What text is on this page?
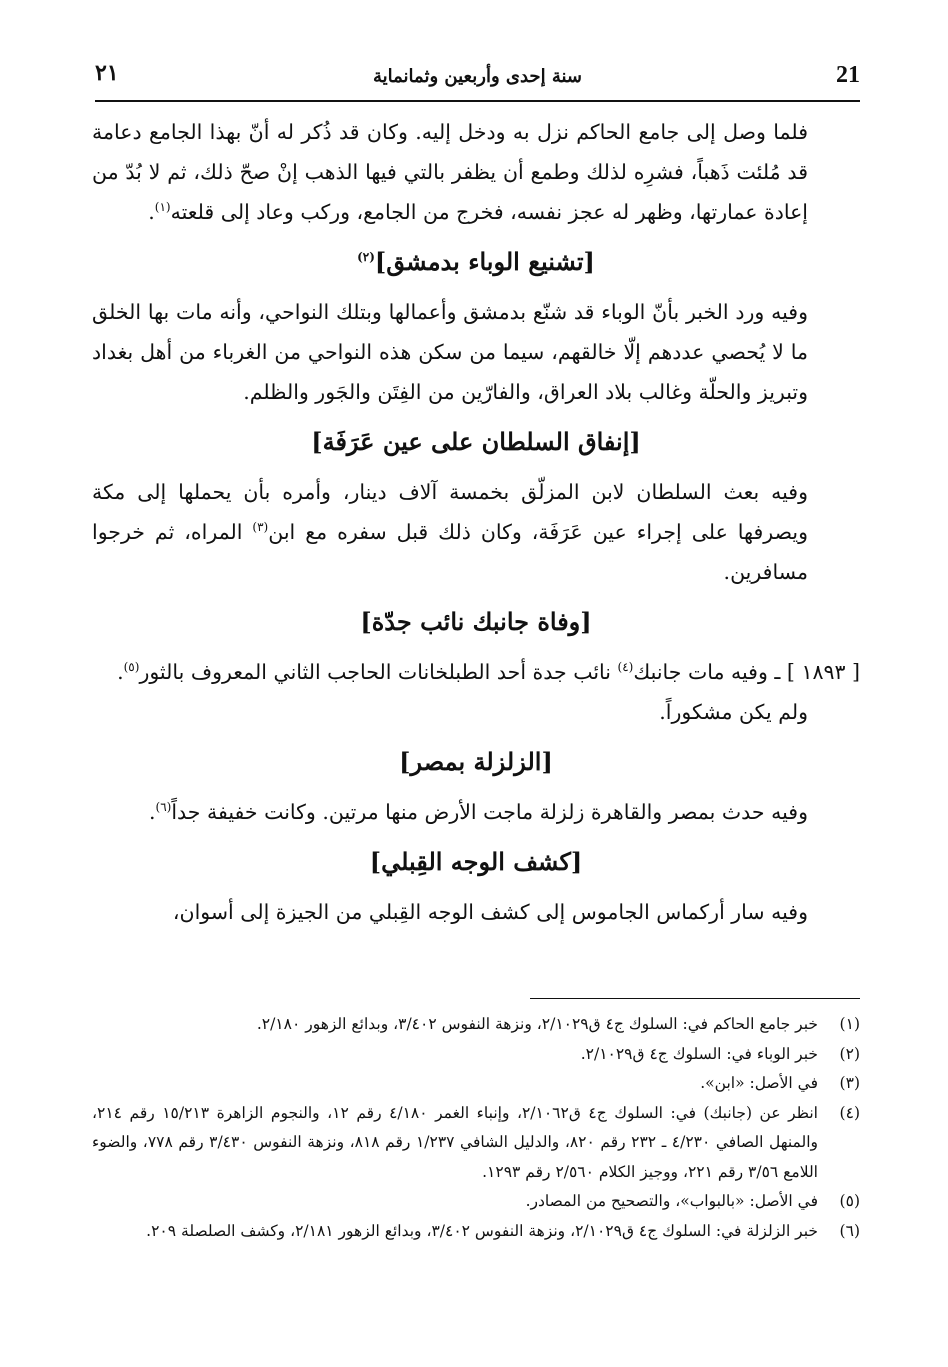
21
سنة إحدى وأربعين وثمانماية
٢١

فلما وصل إلى جامع الحاكم نزل به ودخل إليه. وكان قد ذُكر له أنّ بهذا الجامع دعامة قد مُلئت ذَهباً، فشرِه لذلك وطمع أن يظفر بالتي فيها الذهب إنْ صحّ ذلك، ثم لا بُدّ من إعادة عمارتها، وظهر له عجز نفسه، فخرج من الجامع، وركب وعاد إلى قلعته$^{(١)}$.

[تشنيع الوباء بدمشق]$^{(٢)}$

وفيه ورد الخبر بأنّ الوباء قد شنّع بدمشق وأعمالها وبتلك النواحي، وأنه مات بها الخلق ما لا يُحصي عددهم إلّا خالقهم، سيما من سكن هذه النواحي من الغرباء من أهل بغداد وتبريز والحلّة وغالب بلاد العراق، والفارّين من الفِتَن والجَور والظلم.

[إنفاق السلطان على عين عَرَفَة]

وفيه بعث السلطان لابن المزلّق بخمسة آلاف دينار، وأمره بأن يحملها إلى مكة ويصرفها على إجراء عين عَرَفَة، وكان ذلك قبل سفره مع ابن$^{(٣)}$ المراه، ثم خرجوا مسافرين.

[وفاة جانبك نائب جدّة]

[ ١٨٩٣ ] ـ وفيه مات جانبك$^{(٤)}$ نائب جدة أحد الطبلخانات الحاجب الثاني المعروف بالثور$^{(٥)}$.

ولم يكن مشكوراً.

[الزلزلة بمصر]

وفيه حدث بمصر والقاهرة زلزلة ماجت الأرض منها مرتين. وكانت خفيفة جداً$^{(٦)}$.

[كشف الوجه القِبلي]

وفيه سار أركماس الجاموس إلى كشف الوجه القِبلي من الجيزة إلى أسوان،

(١)
خبر جامع الحاكم في: السلوك ج٤ ق٢/١٠٢٩، ونزهة النفوس ٣/٤٠٢، وبدائع الزهور ٢/١٨٠.
(٢)
خبر الوباء في: السلوك ج٤ ق٢/١٠٢٩.
(٣)
في الأصل: «ابن».
(٤)
انظر عن (جانبك) في: السلوك ج٤ ق٢/١٠٦٢، وإنباء الغمر ٤/١٨٠ رقم ١٢، والنجوم الزاهرة ١٥/٢١٣ رقم ٢١٤، والمنهل الصافي ٤/٢٣٠ ـ ٢٣٢ رقم ٨٢٠، والدليل الشافي ١/٢٣٧ رقم ٨١٨، ونزهة النفوس ٣/٤٣٠ رقم ٧٧٨، والضوء اللامع ٣/٥٦ رقم ٢٢١، ووجيز الكلام ٢/٥٦٠ رقم ١٢٩٣.
(٥)
في الأصل: «بالبواب»، والتصحيح من المصادر.
(٦)
خبر الزلزلة في: السلوك ج٤ ق٢/١٠٢٩، ونزهة النفوس ٣/٤٠٢، وبدائع الزهور ٢/١٨١، وكشف الصلصلة ٢٠٩.
